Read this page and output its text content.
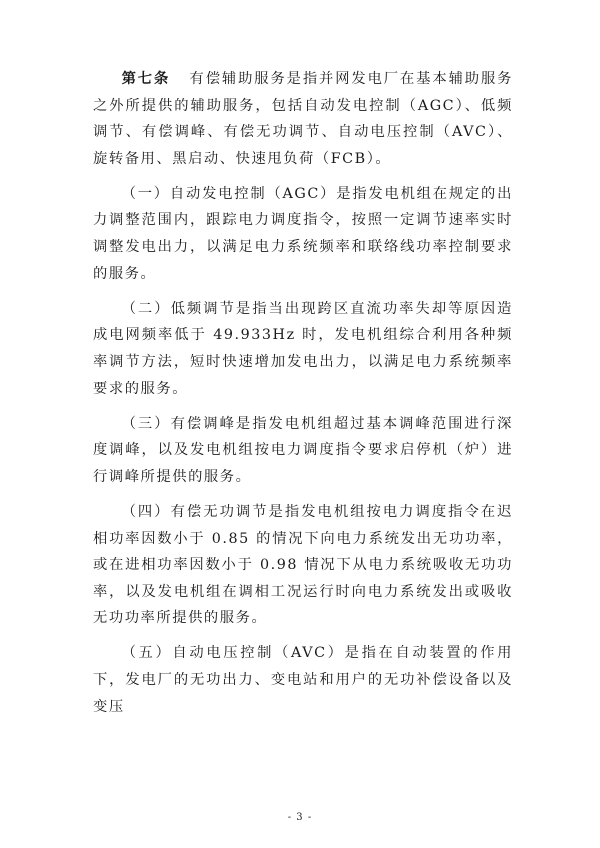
第七条 有偿辅助服务是指并网发电厂在基本辅助服务之外所提供的辅助服务，包括自动发电控制（AGC）、低频调节、有偿调峰、有偿无功调节、自动电压控制（AVC）、旋转备用、黑启动、快速甩负荷（FCB）。

（一）自动发电控制（AGC）是指发电机组在规定的出力调整范围内，跟踪电力调度指令，按照一定调节速率实时调整发电出力，以满足电力系统频率和联络线功率控制要求的服务。

（二）低频调节是指当出现跨区直流功率失却等原因造成电网频率低于 49.933Hz 时，发电机组综合利用各种频率调节方法，短时快速增加发电出力，以满足电力系统频率要求的服务。

（三）有偿调峰是指发电机组超过基本调峰范围进行深度调峰，以及发电机组按电力调度指令要求启停机（炉）进行调峰所提供的服务。

（四）有偿无功调节是指发电机组按电力调度指令在迟相功率因数小于 0.85 的情况下向电力系统发出无功功率，或在进相功率因数小于 0.98 情况下从电力系统吸收无功功率，以及发电机组在调相工况运行时向电力系统发出或吸收无功功率所提供的服务。

（五）自动电压控制（AVC）是指在自动装置的作用下，发电厂的无功出力、变电站和用户的无功补偿设备以及变压

- 3 -
